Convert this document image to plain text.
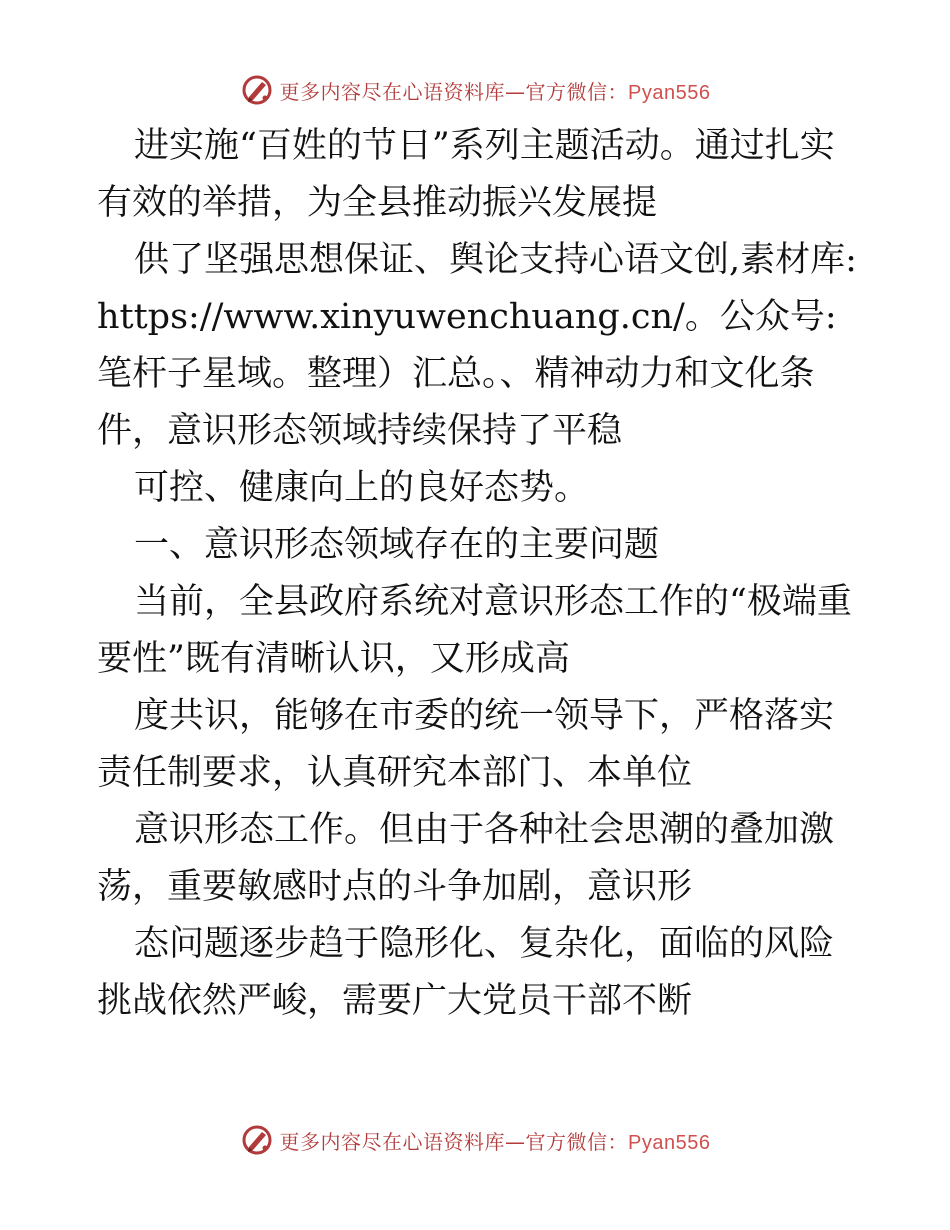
更多内容尽在心语资料库—官方微信：Pyan556

进实施“百姓的节日”系列主题活动。通过扎实有效的举措，为全县推动振兴发展提

供了坚强思想保证、舆论支持心语文创,素材库: https://www.xinyuwenchuang.cn/。公众号:笔杆子星域。整理）汇总。、精神动力和文化条件，意识形态领域持续保持了平稳

可控、健康向上的良好态势。

一、意识形态领域存在的主要问题

当前，全县政府系统对意识形态工作的“极端重要性”既有清晰认识，又形成高

度共识，能够在市委的统一领导下，严格落实责任制要求，认真研究本部门、本单位

意识形态工作。但由于各种社会思潮的叠加激荡，重要敏感时点的斗争加剧，意识形

态问题逐步趋于隐形化、复杂化，面临的风险挑战依然严峻，需要广大党员干部不断

更多内容尽在心语资料库—官方微信：Pyan556
